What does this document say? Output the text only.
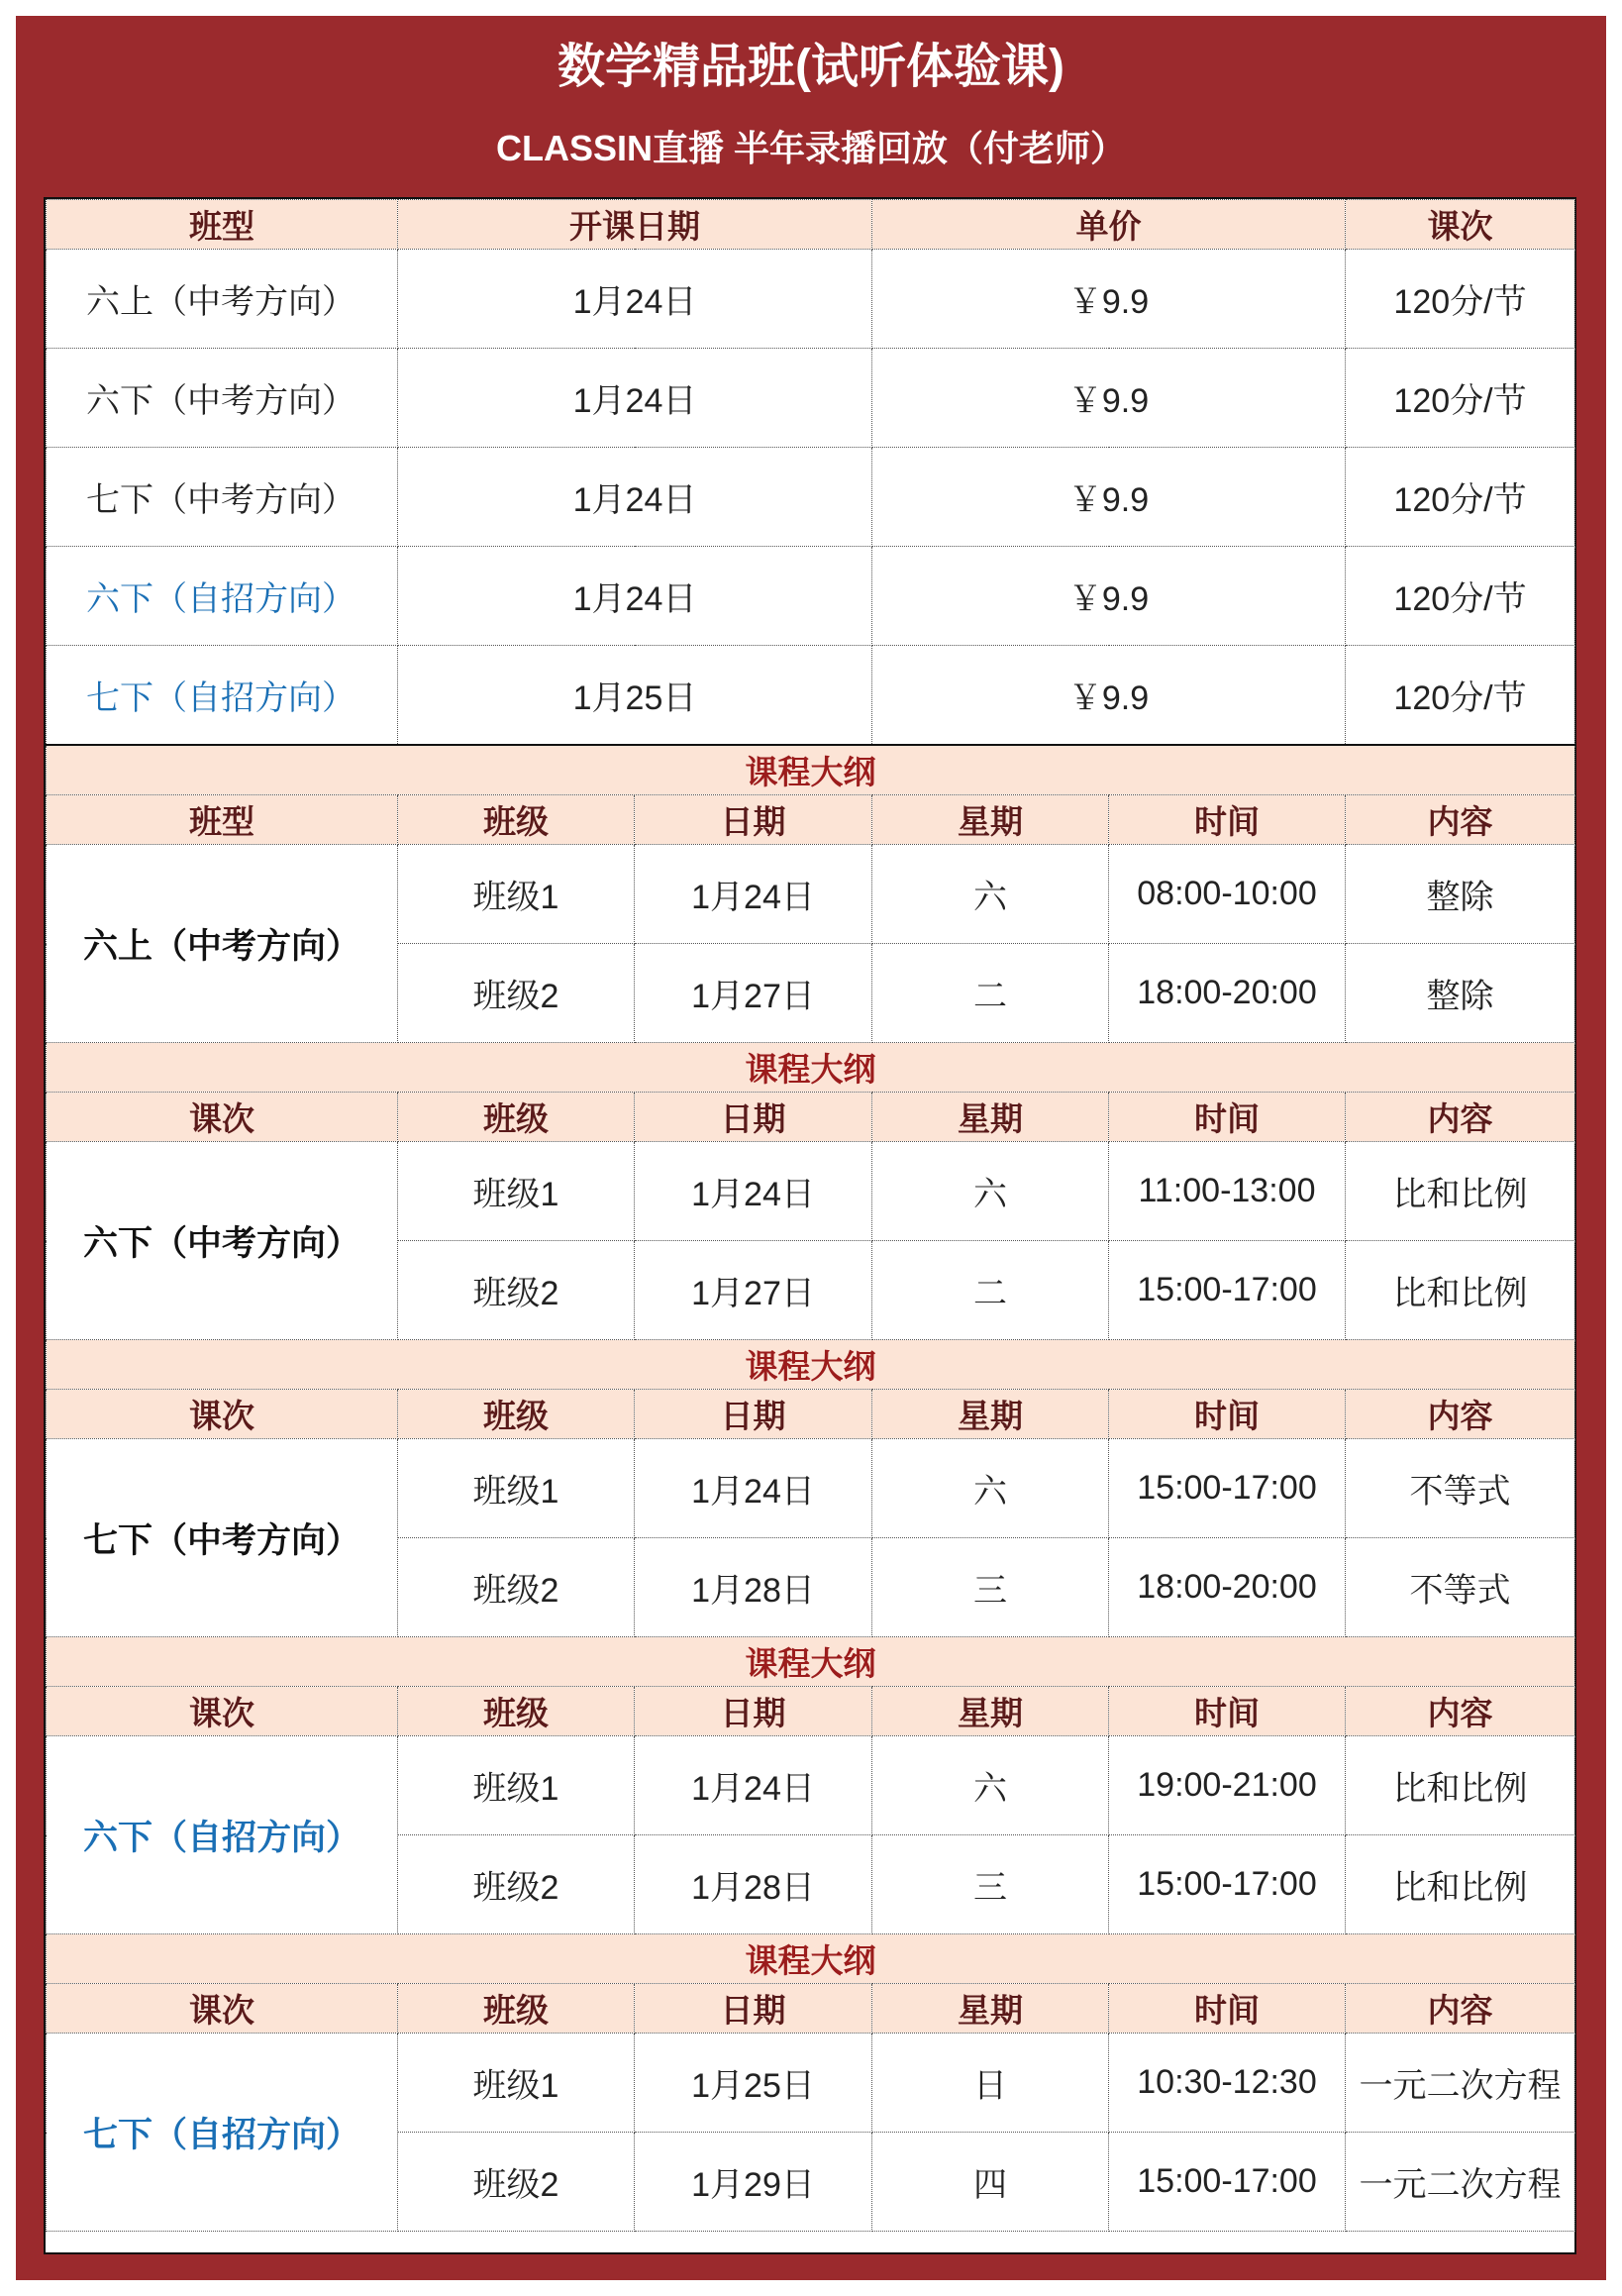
数学精品班(试听体验课)
CLASSIN直播 半年录播回放（付老师）
班型	开课日期		单价		课次
六上（中考方向）	1月24日		￥9.9		120分/节
六下（中考方向）	1月24日		￥9.9		120分/节
七下（中考方向）	1月24日		￥9.9		120分/节
六下（自招方向）	1月24日		￥9.9		120分/节
七下（自招方向）	1月25日		￥9.9		120分/节
课程大纲					
班型	班级	日期	星期	时间	内容
六上（中考方向）	班级1	1月24日	六	08:00-10:00	整除
	班级2	1月27日	二	18:00-20:00	整除
课程大纲					
课次	班级	日期	星期	时间	内容
六下（中考方向）	班级1	1月24日	六	11:00-13:00	比和比例
	班级2	1月27日	二	15:00-17:00	比和比例
课程大纲					
课次	班级	日期	星期	时间	内容
七下（中考方向）	班级1	1月24日	六	15:00-17:00	不等式
	班级2	1月28日	三	18:00-20:00	不等式
课程大纲					
课次	班级	日期	星期	时间	内容
六下（自招方向）	班级1	1月24日	六	19:00-21:00	比和比例
	班级2	1月28日	三	15:00-17:00	比和比例
课程大纲					
课次	班级	日期	星期	时间	内容
七下（自招方向）	班级1	1月25日	日	10:30-12:30	一元二次方程
	班级2	1月29日	四	15:00-17:00	一元二次方程
